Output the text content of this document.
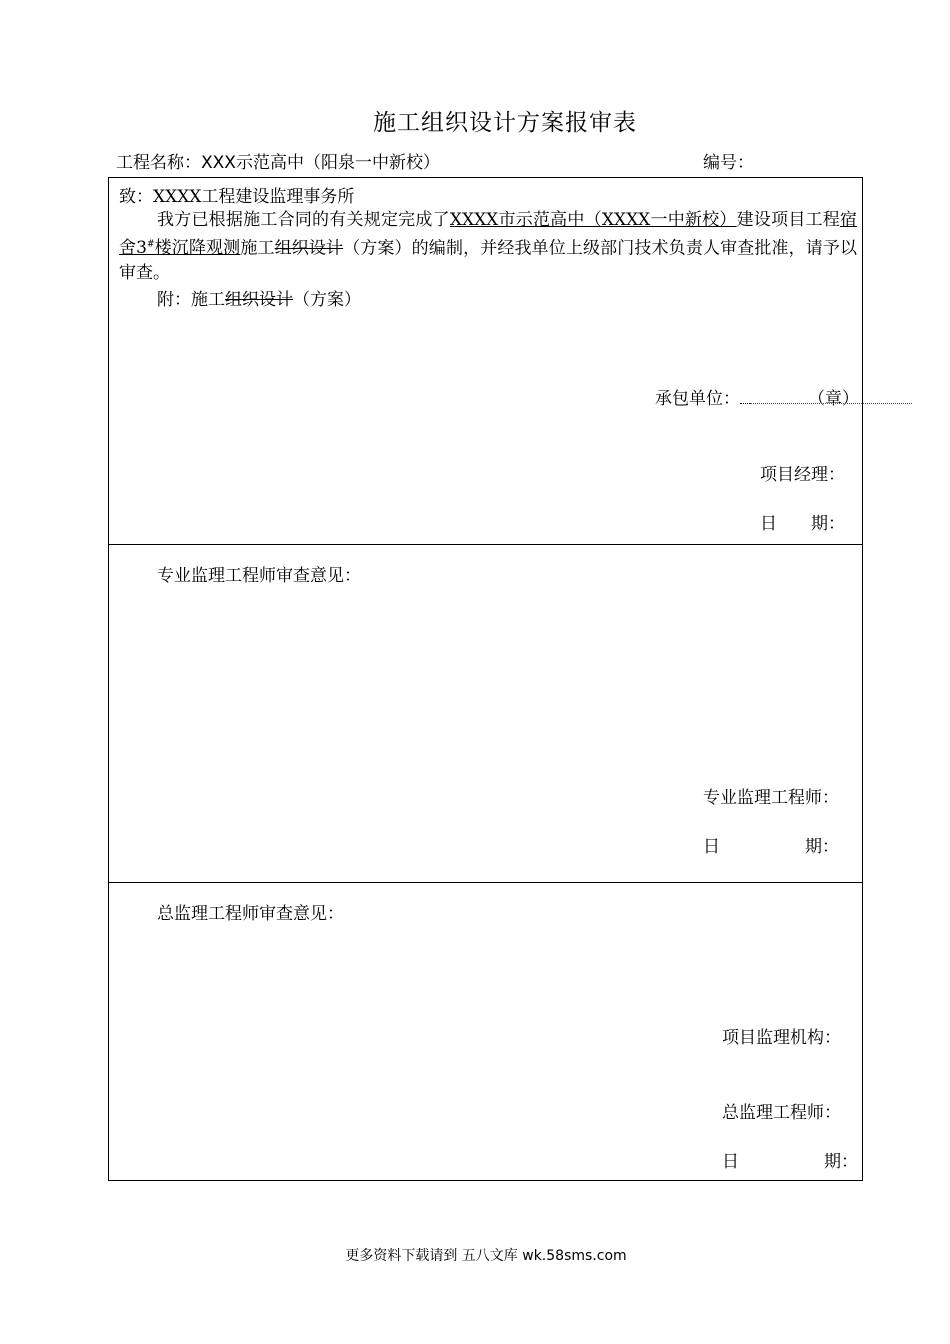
施工组织设计方案报审表
工程名称：XXX示范高中（阳泉一中新校）	编号：
致：XXXX工程建设监理事务所
我方已根据施工合同的有关规定完成了XXXX市示范高中（XXXX一中新校）建设项目工程宿舍3#楼沉降观测施工组织设计（方案）的编制，并经我单位上级部门技术负责人审查批准，请予以审查。
附：施工组织设计（方案）
承包单位：	（章）
项目经理：
日　　期：
专业监理工程师审查意见：
专业监理工程师：
日　　　　　期：
总监理工程师审查意见：
项目监理机构：
总监理工程师：
日　　　　　期：
更多资料下载请到 五八文库 wk.58sms.com
